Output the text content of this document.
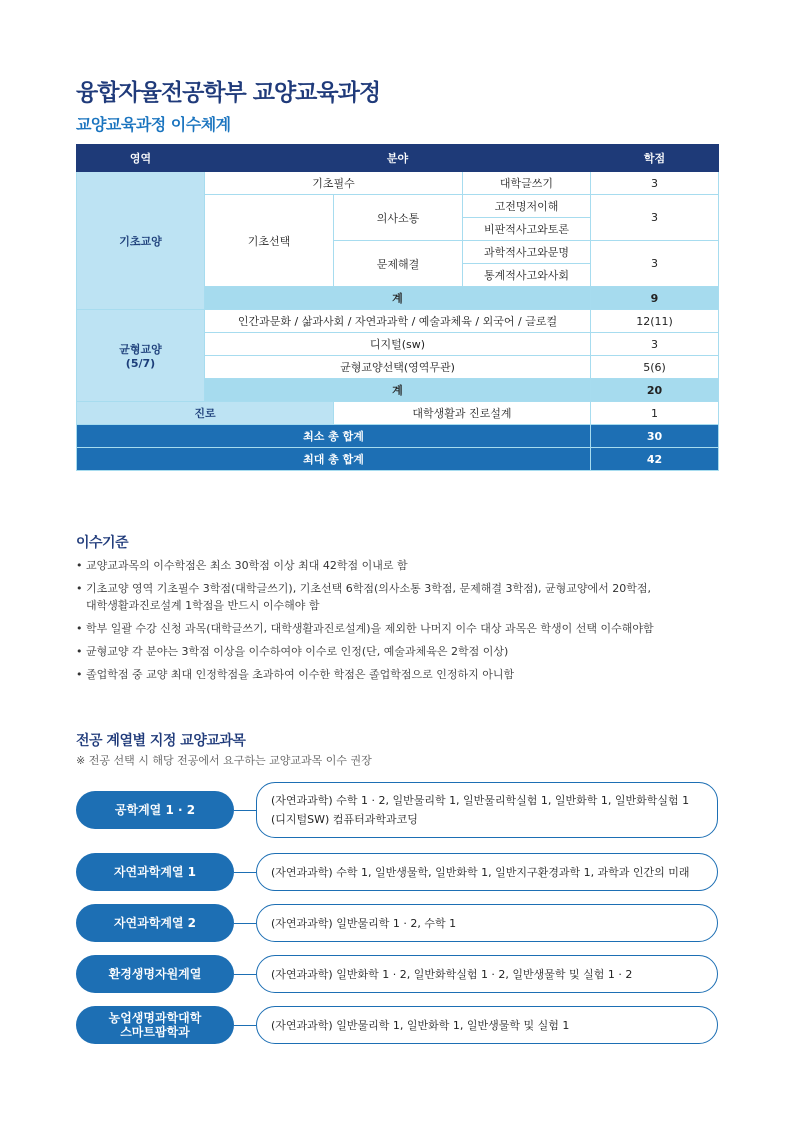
융합자율전공학부 교양교육과정
교양교육과정 이수체계
영역	분야			학점
기초교양	기초필수		대학글쓰기	3
	기초선택	의사소통	고전명저이해	3
			비판적사고와토론	
		문제해결	과학적사고와문명	3
			통계적사고와사회	
	계			9
균형교양
(5/7)	인간과문화 / 삶과사회 / 자연과과학 / 예술과체육 / 외국어 / 글로컬			12(11)
	디지털(sw)			3
	균형교양선택(영역무관)			5(6)
	계			20
진로		대학생활과 진로설계		1
최소 총 합계				30
최대 총 합계				42
이수기준
• 교양교과목의 이수학점은 최소 30학점 이상 최대 42학점 이내로 함
• 기초교양 영역 기초필수 3학점(대학글쓰기), 기초선택 6학점(의사소통 3학점, 문제해결 3학점), 균형교양에서 20학점,
대학생활과진로설계 1학점을 반드시 이수해야 함
• 학부 일괄 수강 신청 과목(대학글쓰기, 대학생활과진로설계)을 제외한 나머지 이수 대상 과목은 학생이 선택 이수해야함
• 균형교양 각 분야는 3학점 이상을 이수하여야 이수로 인정(단, 예술과체육은 2학점 이상)
• 졸업학점 중 교양 최대 인정학점을 초과하여 이수한 학점은 졸업학점으로 인정하지 아니함
전공 계열별 지정 교양교과목
※ 전공 선택 시 해당 전공에서 요구하는 교양교과목 이수 권장
공학계열 1 · 2
(자연과과학) 수학 1 · 2, 일반물리학 1, 일반물리학실험 1, 일반화학 1, 일반화학실험 1
(디지털SW) 컴퓨터과학과코딩
자연과학계열 1	(자연과과학) 수학 1, 일반생물학, 일반화학 1, 일반지구환경과학 1, 과학과 인간의 미래
자연과학계열 2	(자연과과학) 일반물리학 1 · 2, 수학 1
환경생명자원계열	(자연과과학) 일반화학 1 · 2, 일반화학실험 1 · 2, 일반생물학 및 실험 1 · 2
농업생명과학대학
스마트팜학과	(자연과과학) 일반물리학 1, 일반화학 1, 일반생물학 및 실험 1
